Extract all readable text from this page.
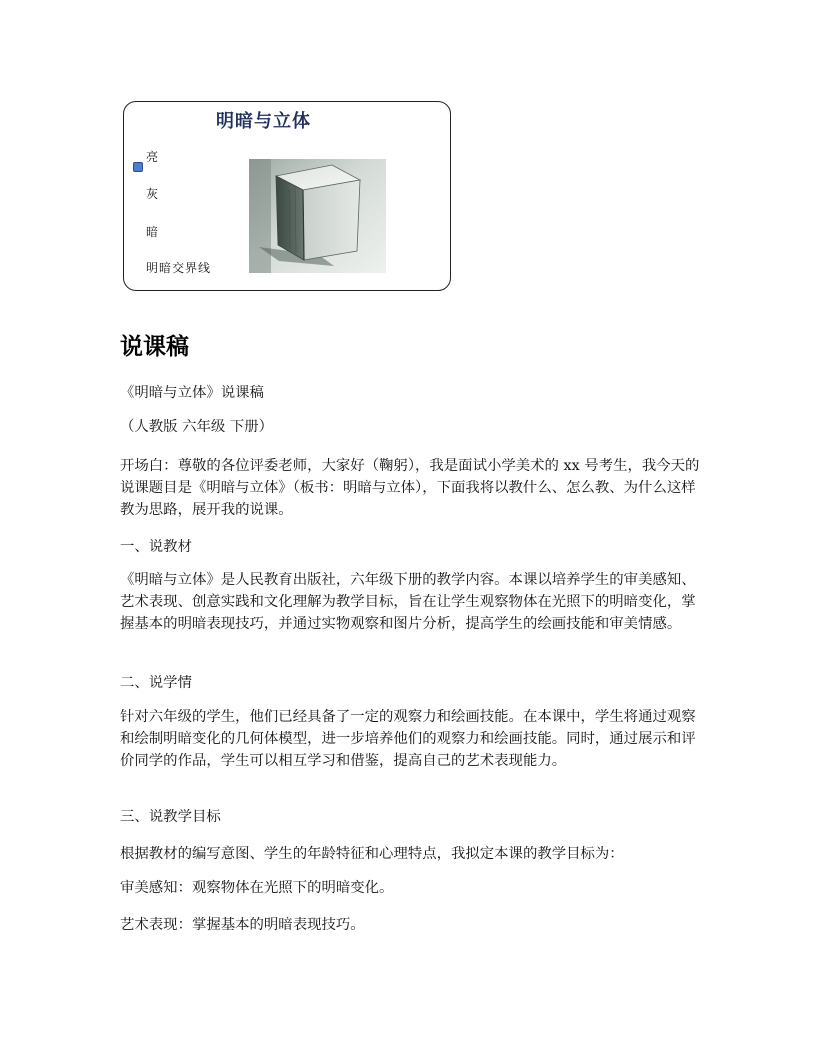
明暗与立体
亮
灰
暗
明暗交界线
说课稿

《明暗与立体》说课稿

（人教版 六年级 下册）

开场白：尊敬的各位评委老师，大家好（鞠躬），我是面试小学美术的 xx 号考生，我今天的说课题目是《明暗与立体》（板书：明暗与立体），下面我将以教什么、怎么教、为什么这样教为思路，展开我的说课。

一、说教材

《明暗与立体》是人民教育出版社，六年级下册的教学内容。本课以培养学生的审美感知、艺术表现、创意实践和文化理解为教学目标，旨在让学生观察物体在光照下的明暗变化，掌握基本的明暗表现技巧，并通过实物观察和图片分析，提高学生的绘画技能和审美情感。

二、说学情

针对六年级的学生，他们已经具备了一定的观察力和绘画技能。在本课中，学生将通过观察和绘制明暗变化的几何体模型，进一步培养他们的观察力和绘画技能。同时，通过展示和评价同学的作品，学生可以相互学习和借鉴，提高自己的艺术表现能力。

三、说教学目标

根据教材的编写意图、学生的年龄特征和心理特点，我拟定本课的教学目标为：

审美感知：观察物体在光照下的明暗变化。

艺术表现：掌握基本的明暗表现技巧。
